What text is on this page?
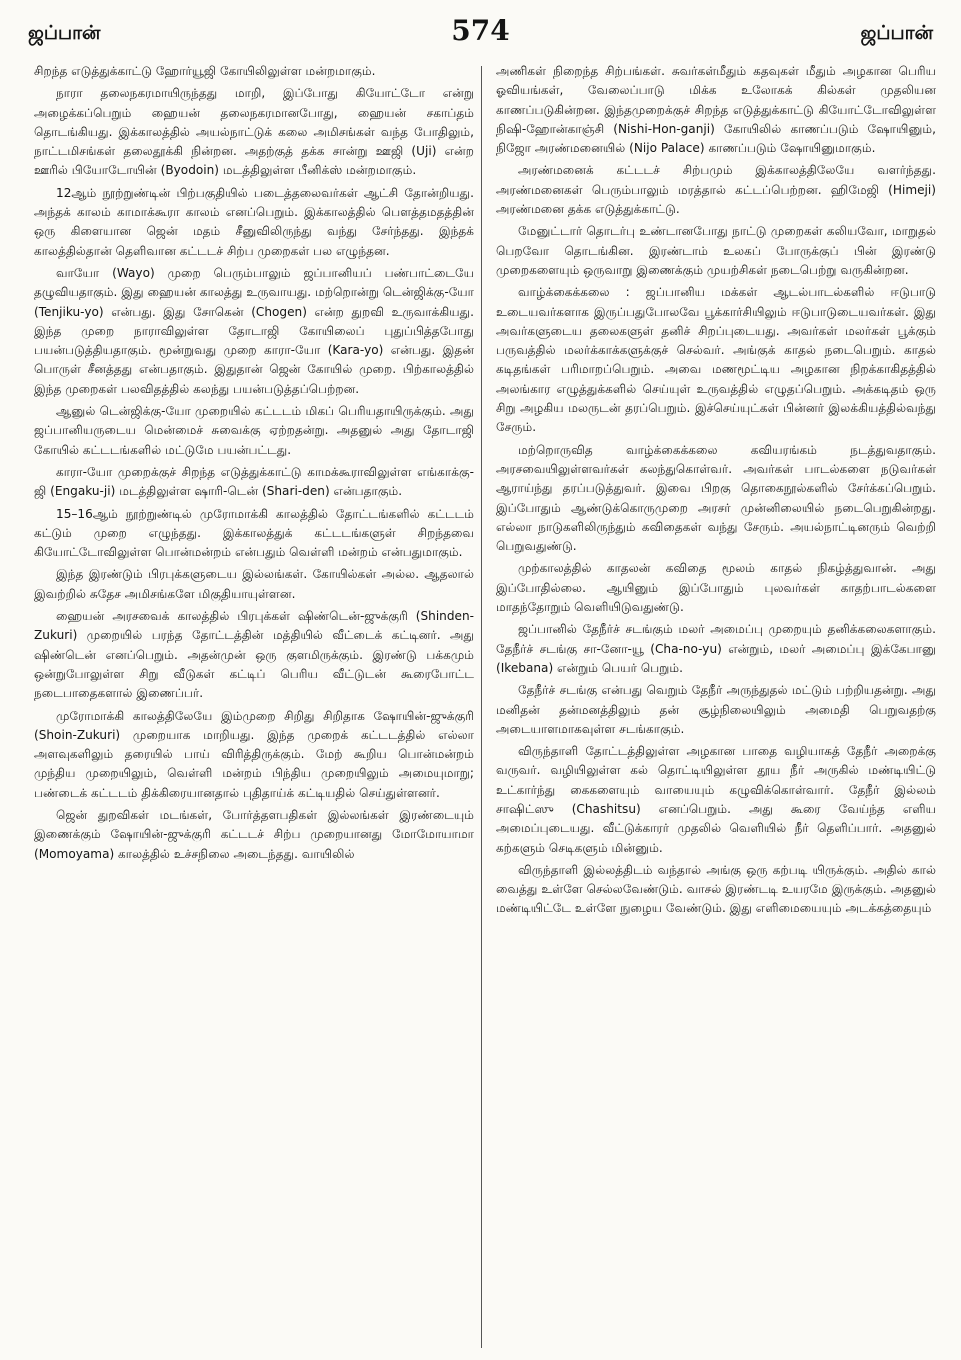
ஜப்பான்	574	ஜப்பான்

சிறந்த எடுத்துக்காட்டு ஹோர்யூஜி கோயிலிலுள்ள மன்றமாகும்.

நாரா தலைநகரமாயிருந்தது மாறி, இப்போது கியோட்டோ என்று அழைக்கப்பெறும் ஹையன் தலைநகரமானபோது, ஹையன் சகாப்தம் தொடங்கியது. இக்காலத்தில் அயல்நாட்டுக் கலை அமிசங்கள் வந்த போதிலும், நாட்டமிசங்கள் தலைதூக்கி நின்றன. அதற்குத் தக்க சான்று ஊஜி (Uji) என்ற ஊரில் பியோடோயின் (Byodoin) மடத்திலுள்ள பீனிக்ஸ் மன்றமாகும்.

12ஆம் நூற்றுண்டின் பிற்பகுதியில் படைத்தலைவர்கள் ஆட்சி தோன்றியது. அந்தக் காலம் காமாக்கூரா காலம் எனப்பெறும். இக்காலத்தில் பௌத்தமதத்தின் ஒரு கிளையான ஜென் மதம் சீனுவிலிருந்து வந்து சேர்ந்தது. இந்தக் காலத்தில்தான் தெளிவான கட்டடச் சிற்ப முறைகள் பல எழுந்தன.

வாயோ (Wayo) முறை பெரும்பாலும் ஜப்பானியப் பண்பாட்டையே தழுவியதாகும். இது ஹையன் காலத்து உருவாயது. மற்றொன்று டென்ஜிக்கு-யோ (Tenjiku-yo) என்பது. இது சோகென் (Chogen) என்ற துறவி உருவாக்கியது. இந்த முறை நாராவிலுள்ள தோடாஜி கோயிலைப் புதுப்பித்தபோது பயன்படுத்தியதாகும். மூன்றுவது முறை காரா-யோ (Kara-yo) என்பது. இதன் பொருள் சீனத்தது என்பதாகும். இதுதான் ஜென் கோயில் முறை. பிற்காலத்தில் இந்த முறைகள் பலவிதத்தில் கலந்து பயன்படுத்தப்பெற்றன.

ஆனுல் டென்ஜிக்கு-யோ முறையில் கட்டடம் மிகப் பெரியதாயிருக்கும். அது ஜப்பானியருடைய மென்மைச் சுவைக்கு ஏற்றதன்று. அதனுல் அது தோடாஜி கோயில் கட்டடங்களில் மட்டுமே பயன்பட்டது.

காரா-யோ முறைக்குச் சிறந்த எடுத்துக்காட்டு காமக்கூராவிலுள்ள எங்காக்கு-ஜி (Engaku-ji) மடத்திலுள்ள ஷாரி-டென் (Shari-den) என்பதாகும்.

15–16ஆம் நூற்றுண்டில் முரோமாக்கி காலத்தில் தோட்டங்களில் கட்டடம் கட்டும் முறை எழுந்தது. இக்காலத்துக் கட்டடங்களுள் சிறந்தவை கியோட்டோவிலுள்ள பொன்மன்றம் என்பதும் வெள்ளி மன்றம் என்பதுமாகும்.

இந்த இரண்டும் பிரபுக்களுடைய இல்லங்கள். கோயில்கள் அல்ல. ஆதலால் இவற்றில் சுதேச அமிசங்களே மிகுதியாயுள்ளன.

ஹையன் அரசவைக் காலத்தில் பிரபுக்கள் ஷிண்டென்-ஜுக்குரி (Shinden-Zukuri) முறையில் பரந்த தோட்டத்தின் மத்தியில் வீட்டைக் கட்டினர். அது ஷிண்டென் எனப்பெறும். அதன்முன் ஒரு குளமிருக்கும். இரண்டு பக்கமும் ஒன்றுபோலுள்ள சிறு வீடுகள் கட்டிப் பெரிய வீட்டுடன் கூரைபோட்ட நடைபாதைகளால் இணைப்பர்.

முரோமாக்கி காலத்திலேயே இம்முறை சிறிது சிறிதாக ஷோயின்-ஜுக்குரி (Shoin-Zukuri) முறையாக மாறியது. இந்த முறைக் கட்டடத்தில் எல்லா அளவுகளிலும் தரையில் பாய் விரித்திருக்கும். மேற் கூறிய பொன்மன்றம் முந்திய முறையிலும், வெள்ளி மன்றம் பிந்திய முறையிலும் அமையுமாறு; பண்டைக் கட்டடம் திக்கிரையானதால் புதிதாய்க் கட்டியதில் செய்துள்ளனர்.

ஜென் துறவிகள் மடங்கள், போர்த்தளபதிகள் இல்லங்கள் இரண்டையும் இணைக்கும் ஷோயின்-ஜுக்குரி கட்டடச் சிற்ப முறையானது மோமோயாமா (Momoyama) காலத்தில் உச்சநிலை அடைந்தது. வாயிலில்

அணிகள் நிறைந்த சிற்பங்கள். சுவர்கள்மீதும் கதவுகள் மீதும் அழகான பெரிய ஓவியங்கள், வேலைப்பாடு மிக்க உலோகக் கில்கள் முதலியன காணப்படுகின்றன. இந்தமுறைக்குச் சிறந்த எடுத்துக்காட்டு கியோட்டோவிலுள்ள நிஷி-ஹோன்காஞ்சி (Nishi-Hon-ganji) கோயிலில் காணப்படும் ஷோயினும், நிஜோ அரண்மனையில் (Nijo Palace) காணப்படும் ஷோயினுமாகும்.

அரண்மனைக் கட்டடச் சிற்பமும் இக்காலத்திலேயே வளர்ந்தது. அரண்மனைகள் பெரும்பாலும் மரத்தால் கட்டப்பெற்றன. ஹிமேஜி (Himeji) அரண்மனை தக்க எடுத்துக்காட்டு.

மேனுட்டார் தொடர்பு உண்டானபோது நாட்டு முறைகள் கலியவோ, மாறுதல் பெறவோ தொடங்கின. இரண்டாம் உலகப் போருக்குப் பின் இரண்டு முறைகளையும் ஒருவாறு இணைக்கும் முயற்சிகள் நடைபெற்று வருகின்றன.

வாழ்க்கைக்கலை : ஜப்பானிய மக்கள் ஆடல்பாடல்களில் ஈடுபாடு உடையவர்களாக இருப்பதுபோலவே பூக்கார்சியிலும் ஈடுபாடுடையவர்கள். இது அவர்களுடைய தலைகளுள் தனிச் சிறப்புடையது. அவர்கள் மலர்கள் பூக்கும் பருவத்தில் மலர்க்காக்களுக்குச் செல்வர். அங்குக் காதல் நடைபெறும். காதல் கடிதங்கள் பரிமாறப்பெறும். அவை மணமூட்டிய அழகான நிறக்காகிதத்தில் அலங்கார எழுத்துக்களில் செய்யுள் உருவத்தில் எழுதப்பெறும். அக்கடிதம் ஒரு சிறு அழகிய மலருடன் தரப்பெறும். இச்செய்யுட்கள் பின்னர் இலக்கியத்தில்வந்து சேரும்.

மற்றொருவித வாழ்க்கைக்கலை கவியரங்கம் நடத்துவதாகும். அரசவையிலுள்ளவர்கள் கலந்துகொள்வர். அவர்கள் பாடல்களை நடுவர்கள் ஆராய்ந்து தரப்படுத்துவர். இவை பிறகு தொகைநூல்களில் சேர்க்கப்பெறும். இப்போதும் ஆண்டுக்கொருமுறை அரசர் முன்னிலையில் நடைபெறுகின்றது. எல்லா நாடுகளிலிருந்தும் கவிதைகள் வந்து சேரும். அயல்நாட்டினரும் வெற்றி பெறுவதுண்டு.

முற்காலத்தில் காதலன் கவிதை மூலம் காதல் நிகழ்த்துவான். அது இப்போதில்லை. ஆயினும் இப்போதும் புலவர்கள் காதற்பாடல்களை மாதந்தோறும் வெளியிடுவதுண்டு.

ஜப்பானில் தேநீர்ச் சடங்கும் மலர் அமைப்பு முறையும் தனிக்கலைகளாகும். தேநீர்ச் சடங்கு சா-னோ-யூ (Cha-no-yu) என்றும், மலர் அமைப்பு இக்கேபானு (Ikebana) என்றும் பெயர் பெறும்.

தேநீர்ச் சடங்கு என்பது வெறும் தேநீர் அருந்துதல் மட்டும் பற்றியதன்று. அது மனிதன் தன்மனத்திலும் தன் சூழ்நிலையிலும் அமைதி பெறுவதற்கு அடையாளமாகவுள்ள சடங்காகும்.

விருந்தாளி தோட்டத்திலுள்ள அழகான பாதை வழியாகத் தேநீர் அறைக்கு வருவர். வழியிலுள்ள கல் தொட்டியிலுள்ள தூய நீர் அருகில் மண்டியிட்டு உட்கார்ந்து கைகளையும் வாயையும் கழுவிக்கொள்வார். தேநீர் இல்லம் சாஷிட்ஸு (Chashitsu) எனப்பெறும். அது கூரை வேய்ந்த எளிய அமைப்புடையது. வீட்டுக்காரர் முதலில் வெளியில் நீர் தெளிப்பார். அதனுல் கற்களும் செடிகளும் மின்னும்.

விருந்தாளி இல்லத்திடம் வந்தால் அங்கு ஒரு கற்படி யிருக்கும். அதில் கால் வைத்து உள்ளே செல்லவேண்டும். வாசல் இரண்டடி உயரமே இருக்கும். அதனுல் மண்டியிட்டே உள்ளே நுழைய வேண்டும். இது எளிமையையும் அடக்கத்தையும்
